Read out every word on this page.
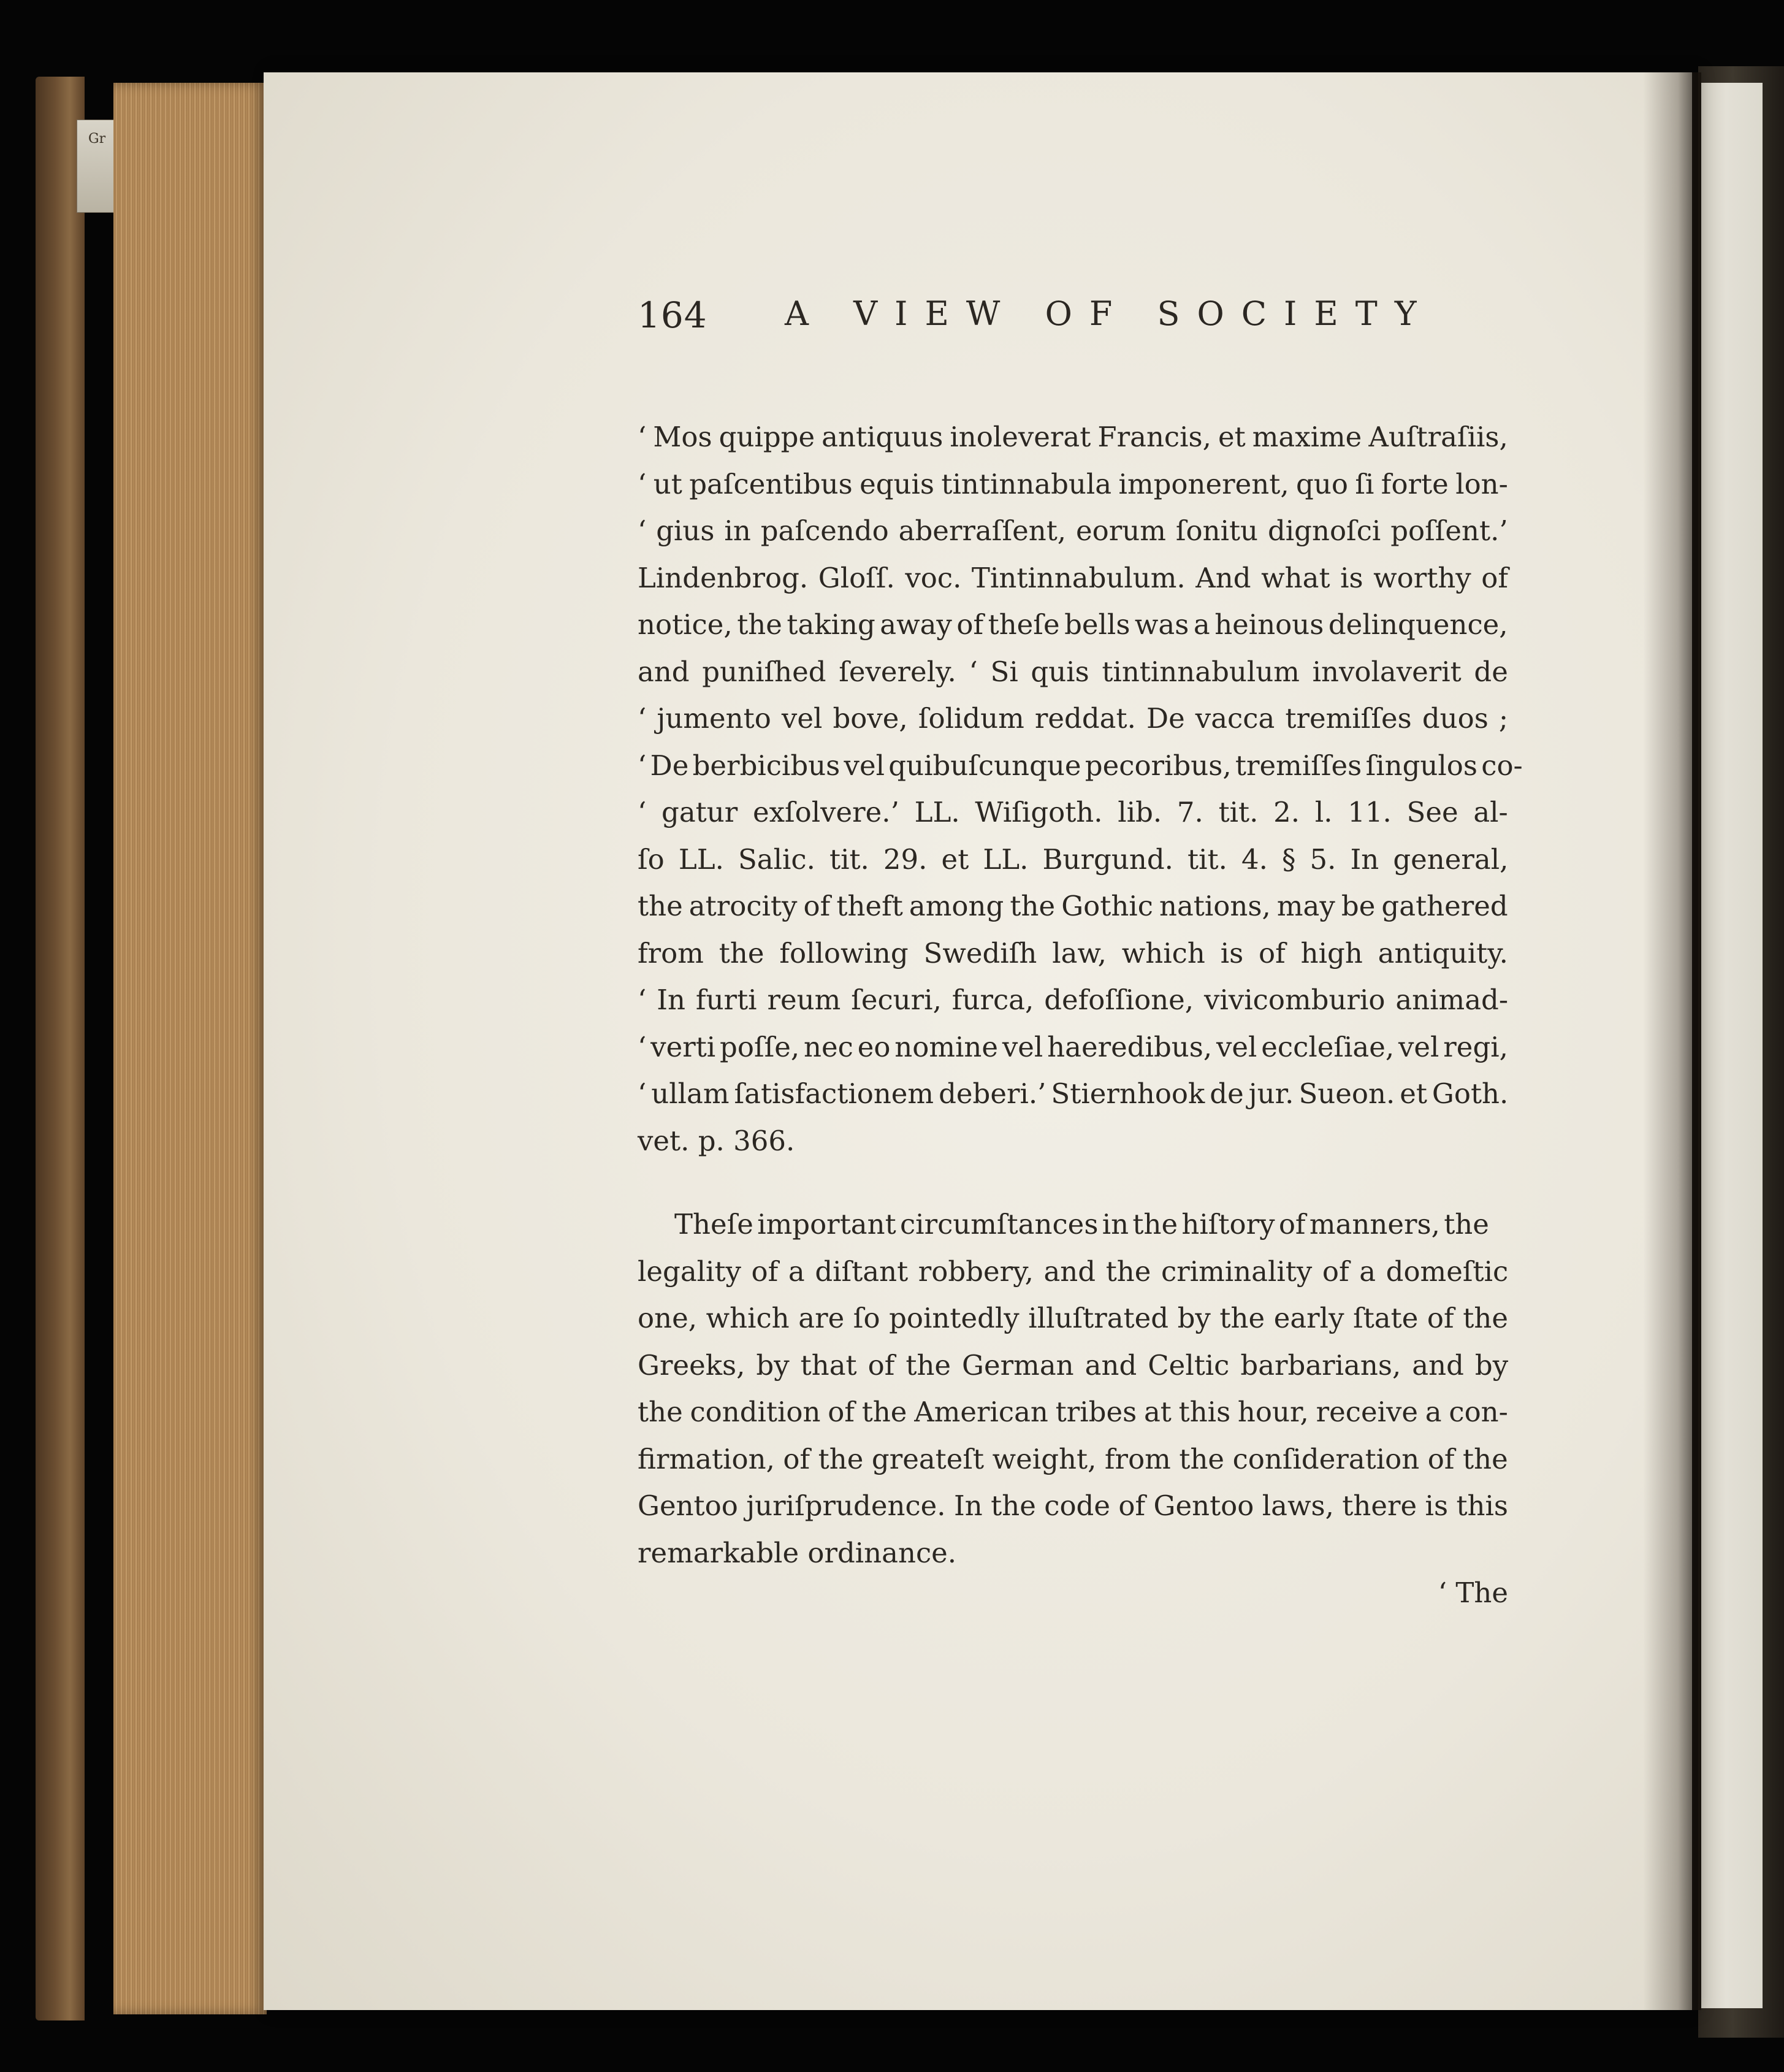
Gr
164 A VIEW OF SOCIETY
‘ Mos quippe antiquus inoleverat Francis, et maxime Auſtraſiis,
‘ ut paſcentibus equis tintinnabula imponerent, quo ſi forte lon-
‘ gius in paſcendo aberraſſent, eorum ſonitu dignoſci poſſent.’
Lindenbrog. Gloſſ. voc. Tintinnabulum. And what is worthy of
notice, the taking away of theſe bells was a heinous delinquence,
and puniſhed ſeverely. ‘ Si quis tintinnabulum involaverit de
‘ jumento vel bove, ſolidum reddat. De vacca tremiſſes duos ;
‘ De berbicibus vel quibuſcunque pecoribus, tremiſſes ſingulos co-
‘ gatur exſolvere.’ LL. Wiſigoth. lib. 7. tit. 2. l. 11. See al-
ſo LL. Salic. tit. 29. et LL. Burgund. tit. 4. § 5. In general,
the atrocity of theft among the Gothic nations, may be gathered
from the following Swediſh law, which is of high antiquity.
‘ In furti reum ſecuri, furca, defoſſione, vivicomburio animad-
‘ verti poſſe, nec eo nomine vel haeredibus, vel eccleſiae, vel regi,
‘ ullam ſatisfactionem deberi.’ Stiernhook de jur. Sueon. et Goth.
vet. p. 366.
Theſe important circumſtances in the hiſtory of manners, the
legality of a diſtant robbery, and the criminality of a domeſtic
one, which are ſo pointedly illuſtrated by the early ſtate of the
Greeks, by that of the German and Celtic barbarians, and by
the condition of the American tribes at this hour, receive a con-
firmation, of the greateſt weight, from the conſideration of the
Gentoo juriſprudence. In the code of Gentoo laws, there is this
remarkable ordinance.
‘ The
